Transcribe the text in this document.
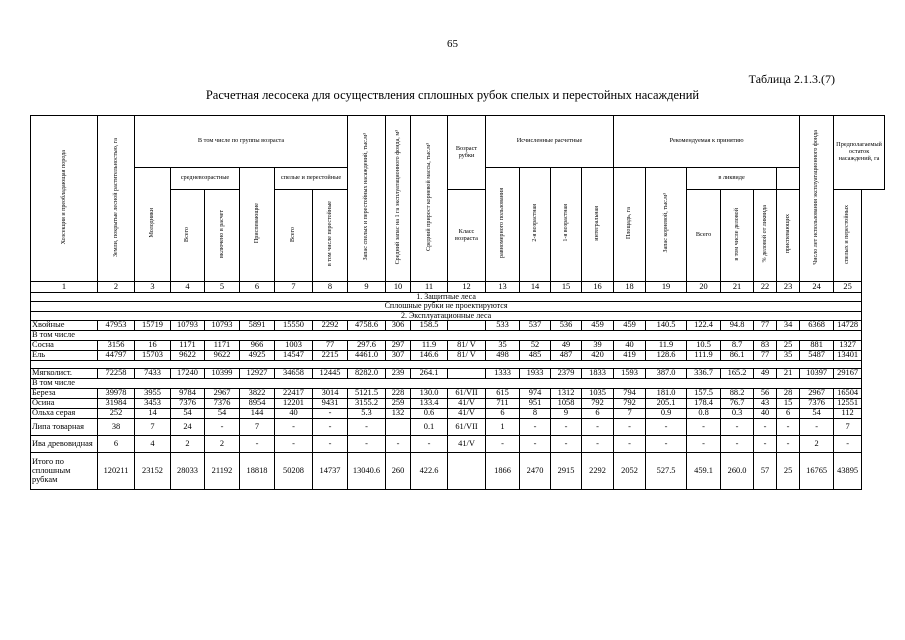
65
Таблица 2.1.3.(7)
Расчетная лесосека для осуществления сплошных рубок спелых и перестойных насаждений
Хозсекция и преобладающая порода	Земли, покрытые лесной растительностью, га	В том числе по группы возраста						Запас спелых и перестойных насаждений, тыс.м³	Средний запас на 1 га эксплуатационного фонда, м³	Средний прирост корневой массы, тыс.м³	Возраст рубки	Исчисленные расчетные				Рекомендуемая к принятию						Число лет использования эксплуатационного фонда	Предполагаемый остаток насаждений, га
		Молодняки	средневозрастные		Приспевающие	спелые и перестойные						равномерного пользования	2-я возрастная	1-я возрастная	интегральная	Площадь, га	Запас корневой, тыс.м³	в ликвиде					
			Всего	включено в расчет		Всего	в том числе перестойные				Класс возраста							Всего	в том числе деловой	% деловой от ликвида	приспевающих		спелых и перестойных

1	2	3	4	5	6	7	8	9	10	11	12	13	14	15	16	18	19	20	21	22	23	24	25
1. Защитные леса																							
Сплошные рубки не проектируются																							
2. Эксплуатационные леса																							
Хвойные	47953	15719	10793	10793	5891	15550	2292	4758.6	306	158.5		533	537	536	459	459	140.5	122.4	94.8	77	34	6368	14728
В том числе																							
Сосна	3156	16	1171	1171	966	1003	77	297.6	297	11.9	81/ V	35	52	49	39	40	11.9	10.5	8.7	83	25	881	1327
Ель	44797	15703	9622	9622	4925	14547	2215	4461.0	307	146.6	81/ V	498	485	487	420	419	128.6	111.9	86.1	77	35	5487	13401

Мягколист.	72258	7433	17240	10399	12927	34658	12445	8282.0	239	264.1		1333	1933	2379	1833	1593	387.0	336.7	165.2	49	21	10397	29167
В том числе																							
Береза	39978	3955	9784	2967	3822	22417	3014	5121.5	228	130.0	61/VII	615	974	1312	1035	794	181.0	157.5	88.2	56	28	2967	16504
Осина	31984	3453	7376	7376	8954	12201	9431	3155.2	259	133.4	41/V	711	951	1058	792	792	205.1	178.4	76.7	43	15	7376	12551
Ольха серая	252	14	54	54	144	40	-	5.3	132	0.6	41/V	6	8	9	6	7	0.9	0.8	0.3	40	6	54	112
Липа товарная	38	7	24	-	7	-	-	-		0.1	61/VII	1	-	-	-	-	-	-	-	-	-	-	7
Ива древовидная	6	4	2	2	-	-	-	-	-	-	41/V	-	-	-	-	-	-	-	-	-	-	2	-
Итого по сплошным рубкам	120211	23152	28033	21192	18818	50208	14737	13040.6	260	422.6		1866	2470	2915	2292	2052	527.5	459.1	260.0	57	25	16765	43895
